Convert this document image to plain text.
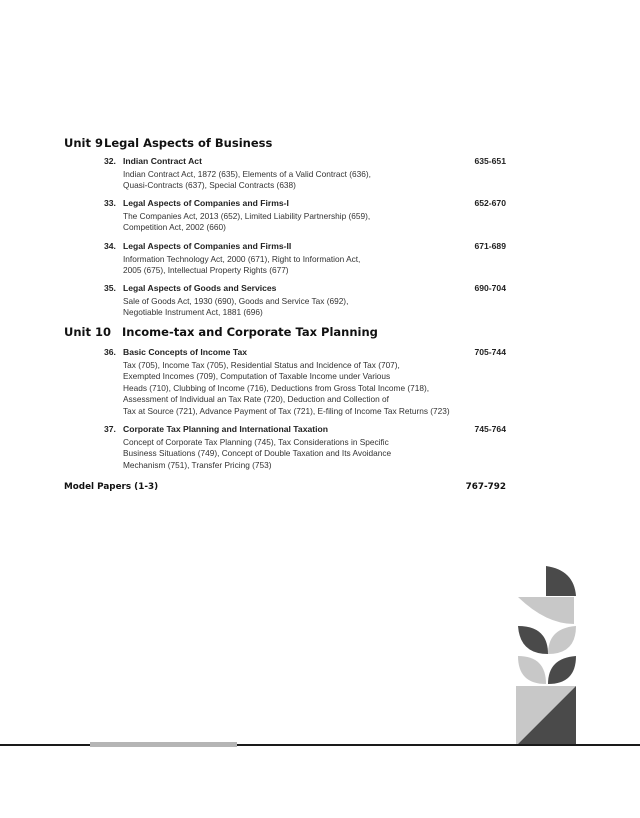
Unit 9 Legal Aspects of Business
32. Indian Contract Act	635-651
Indian Contract Act, 1872 (635), Elements of a Valid Contract (636),
Quasi-Contracts (637), Special Contracts (638)
33. Legal Aspects of Companies and Firms-I	652-670
The Companies Act, 2013 (652), Limited Liability Partnership (659),
Competition Act, 2002 (660)
34. Legal Aspects of Companies and Firms-II	671-689
Information Technology Act, 2000 (671), Right to Information Act,
2005 (675), Intellectual Property Rights (677)
35. Legal Aspects of Goods and Services	690-704
Sale of Goods Act, 1930 (690), Goods and Service Tax (692),
Negotiable Instrument Act, 1881 (696)
Unit 10 Income-tax and Corporate Tax Planning
36. Basic Concepts of Income Tax	705-744
Tax (705), Income Tax (705), Residential Status and Incidence of Tax (707),
Exempted Incomes (709), Computation of Taxable Income under Various
Heads (710), Clubbing of Income (716), Deductions from Gross Total Income (718),
Assessment of Individual an Tax Rate (720), Deduction and Collection of
Tax at Source (721), Advance Payment of Tax (721), E-filing of Income Tax Returns (723)
37. Corporate Tax Planning and International Taxation	745-764
Concept of Corporate Tax Planning (745), Tax Considerations in Specific
Business Situations (749), Concept of Double Taxation and Its Avoidance
Mechanism (751), Transfer Pricing (753)
Model Papers (1-3)	767-792
